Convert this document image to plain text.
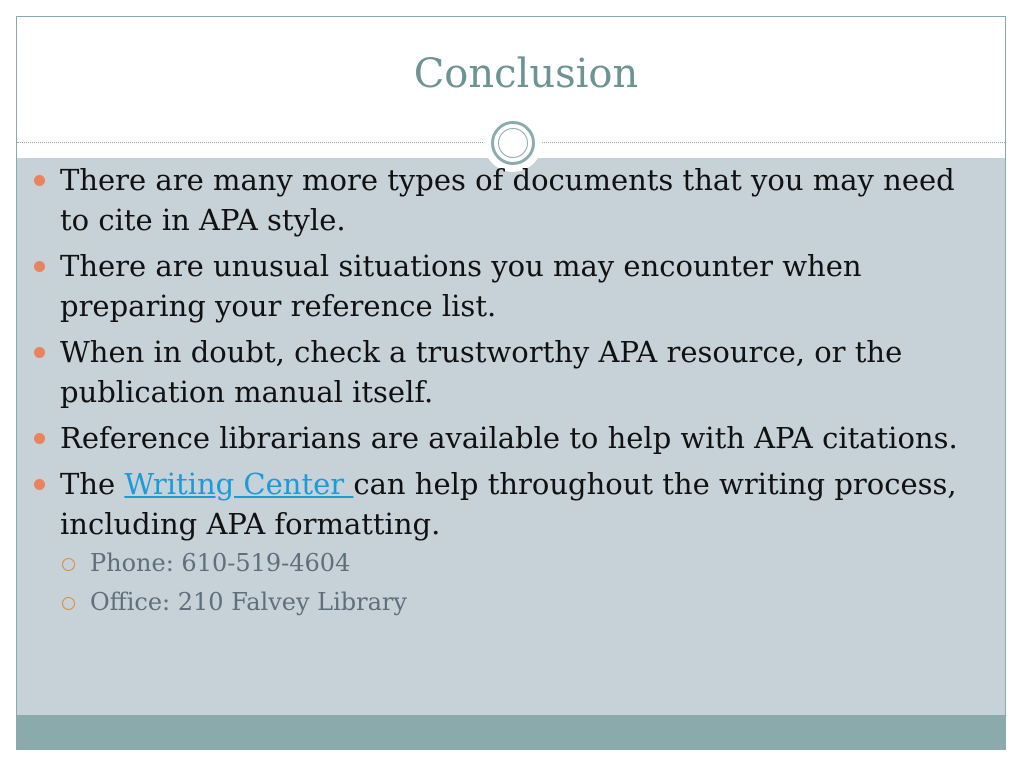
Conclusion
There are many more types of documents that you may need to cite in APA style.
There are unusual situations you may encounter when preparing your reference list.
When in doubt, check a trustworthy APA resource, or the publication manual itself.
Reference librarians are available to help with APA citations.
The Writing Center can help throughout the writing process, including APA formatting.
Phone: 610-519-4604
Office: 210 Falvey Library
